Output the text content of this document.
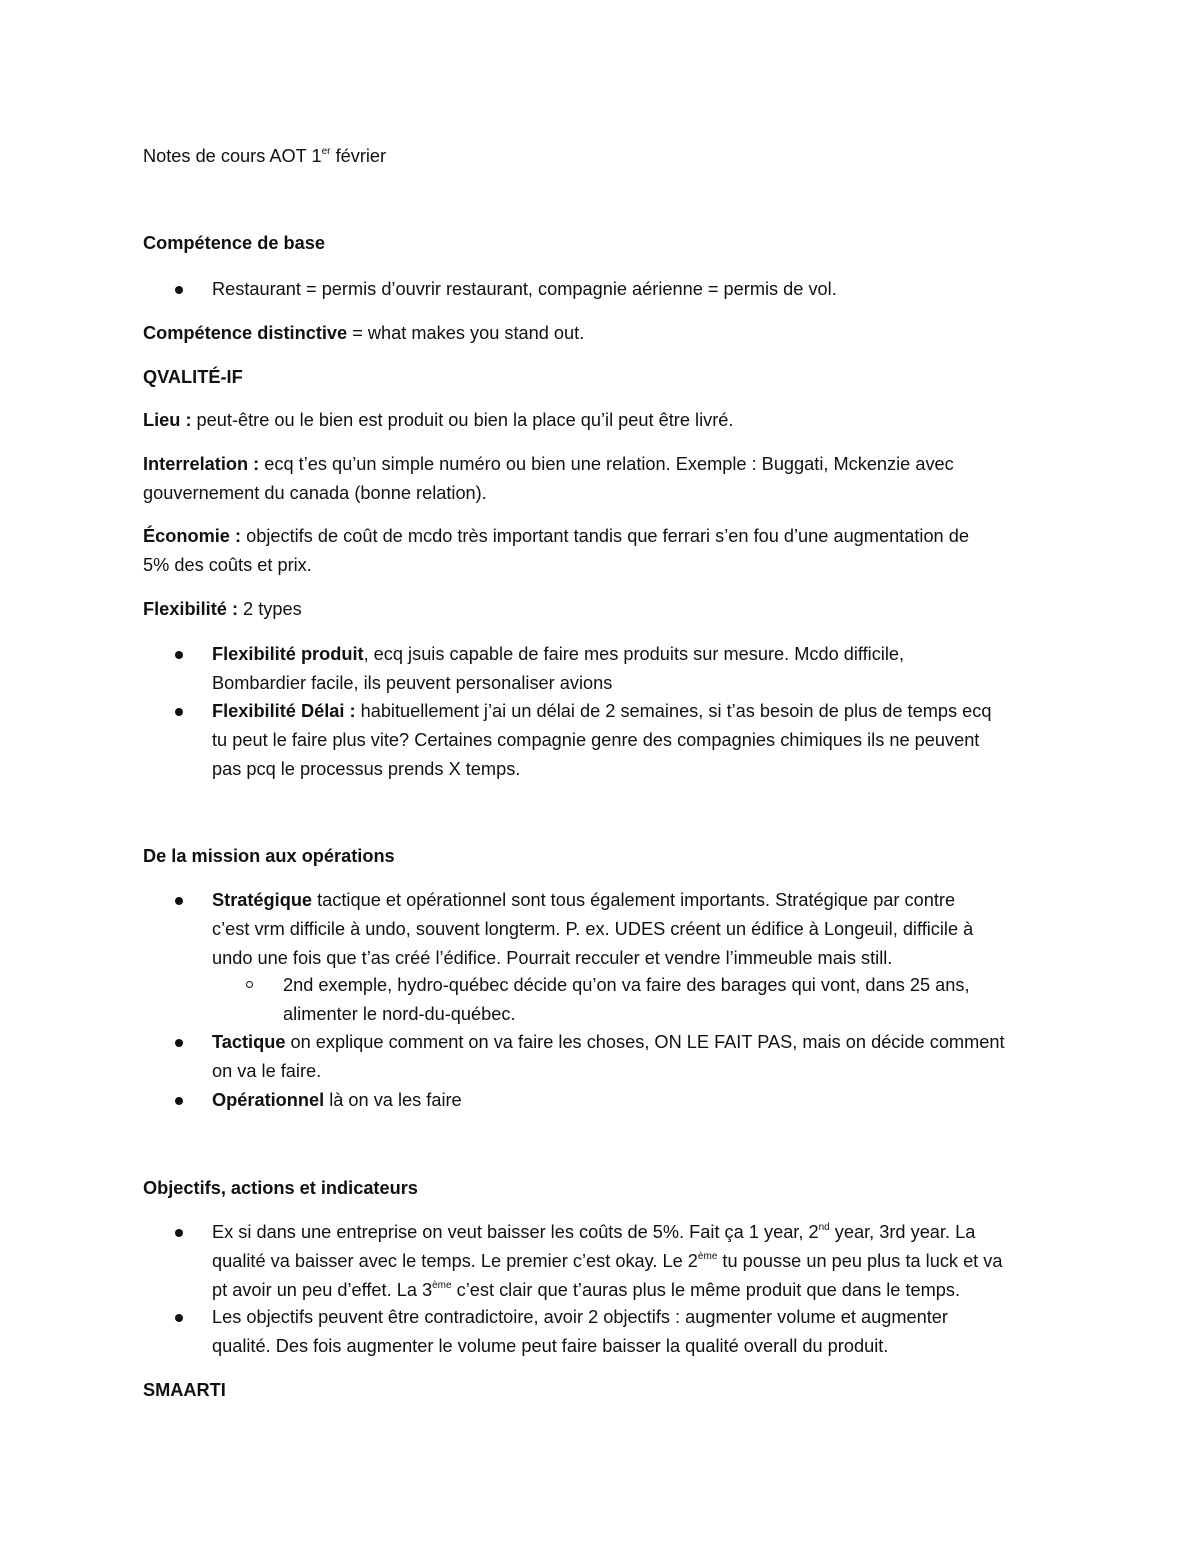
Notes de cours AOT 1er février
Compétence de base
Restaurant = permis d’ouvrir restaurant, compagnie aérienne = permis de vol.
Compétence distinctive = what makes you stand out.
QVALITÉ-IF
Lieu : peut-être ou le bien est produit ou bien la place qu’il peut être livré.
Interrelation : ecq t’es qu’un simple numéro ou bien une relation. Exemple : Buggati, Mckenzie avec
gouvernement du canada (bonne relation).
Économie : objectifs de coût de mcdo très important tandis que ferrari s’en fou d’une augmentation de
5% des coûts et prix.
Flexibilité : 2 types
Flexibilité produit, ecq jsuis capable de faire mes produits sur mesure. Mcdo difficile,
Bombardier facile, ils peuvent personaliser avions
Flexibilité Délai : habituellement j’ai un délai de 2 semaines, si t’as besoin de plus de temps ecq
tu peut le faire plus vite? Certaines compagnie genre des compagnies chimiques ils ne peuvent
pas pcq le processus prends X temps.
De la mission aux opérations
Stratégique tactique et opérationnel sont tous également importants. Stratégique par contre
c’est vrm difficile à undo, souvent longterm. P. ex. UDES créent un édifice à Longeuil, difficile à
undo une fois que t’as créé l’édifice. Pourrait recculer et vendre l’immeuble mais still.
2nd exemple, hydro-québec décide qu’on va faire des barages qui vont, dans 25 ans,
alimenter le nord-du-québec.
Tactique on explique comment on va faire les choses, ON LE FAIT PAS, mais on décide comment
on va le faire.
Opérationnel là on va les faire
Objectifs, actions et indicateurs
Ex si dans une entreprise on veut baisser les coûts de 5%. Fait ça 1 year, 2nd year, 3rd year. La
qualité va baisser avec le temps. Le premier c’est okay. Le 2ème tu pousse un peu plus ta luck et va
pt avoir un peu d’effet. La 3ème c’est clair que t’auras plus le même produit que dans le temps.
Les objectifs peuvent être contradictoire, avoir 2 objectifs : augmenter volume et augmenter
qualité. Des fois augmenter le volume peut faire baisser la qualité overall du produit.
SMAARTI
